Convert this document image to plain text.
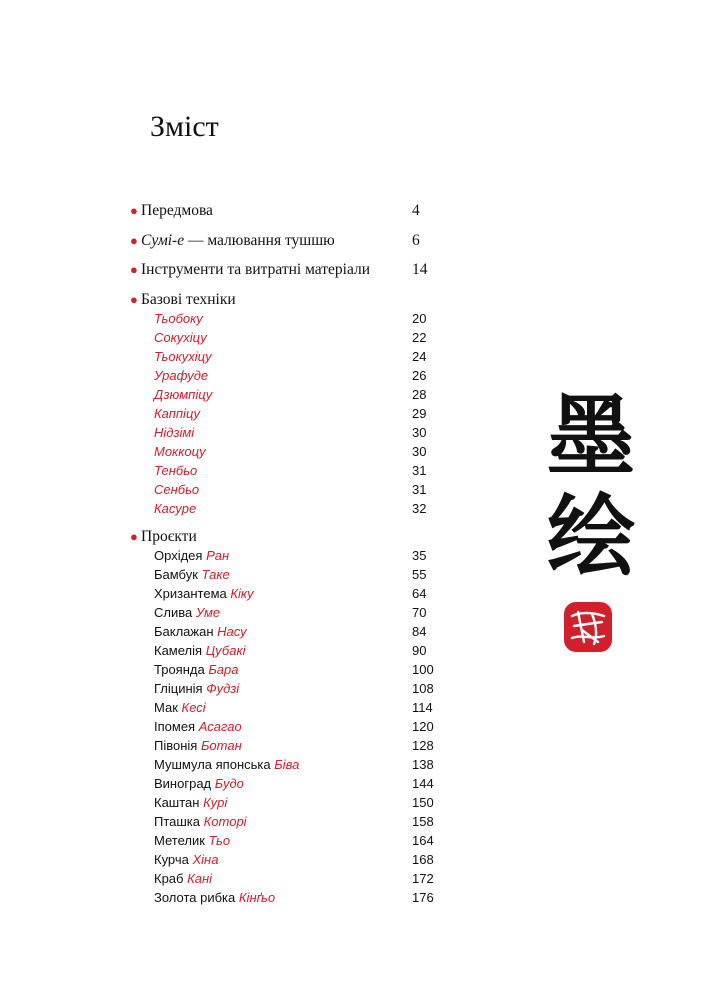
Зміст
● Передмова	4
● Сумі-е — малювання тушшю	6
● Інструменти та витратні матеріали	14
● Базові техніки
Тьобоку	20
Сокухіцу	22
Тьокухіцу	24
Урафуде	26
Дзюмпіцу	28
Каппіцу	29
Нідзімі	30
Моккоцу	30
Тенбьо	31
Сенбьо	31
Касуре	32
● Проєкти
Орхідея Ран	35
Бамбук Таке	55
Хризантема Кіку	64
Слива Уме	70
Баклажан Насу	84
Камелія Цубакі	90
Троянда Бара	100
Гліцинія Фудзі	108
Мак Кесі	114
Іпомея Асагао	120
Півонія Ботан	128
Мушмула японська Біва	138
Виноград Будо	144
Каштан Курі	150
Пташка Которі	158
Метелик Тьо	164
Курча Хіна	168
Краб Кані	172
Золота рибка Кінґьо	176
墨
绘
